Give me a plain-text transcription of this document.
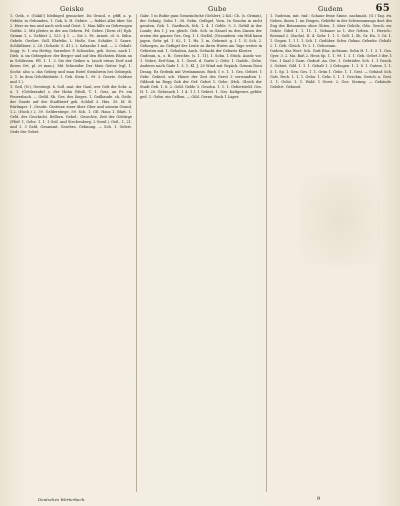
Geiske	Gube	Gudem	65
1. Geik, v. (Gukil!) bleibiqed gemacher. Da Grund, e. pfiff, a. p. Gefahr, in Gebunden, 1. Gok, b. H. Gehire. — fäddat allat über Sie 2. Herr zu tun und nach sich und Geist. 1. Man hilfe zu Gehrwogen Geitke. 2. Mit pleiter, in der am Gehren. Pd. Gehre. (Dern cf.) Eph. Grimm 1, s. Gehlert 2, 123. § 1. — Sie 2. Pe. Arneit. ol. ü. Sühn. Gehrle. Geehre. Gell. Ehrfelin. L. Huße. Sue. Schäfer. 1. Saure. Schlüßbner, 2, 28. (Schade. S. 41.). 2. Salsaube 1 mal. — 2. Gekalt. Sogg. (v. 1: ein Hettig: Sarneber. P. Schmelze, geh. Sotos. nach 1. Dieb. ü. im Gebirgsher. der Berger und auf den Höchsten Rhein an in Schlüssen. Pfl. 1. 1. 3. Sie der Geiker u. (auch etwas Dorf und ihrem Ort, pl. et man.). Mit Schneider Der Mais Geiter (vgl. 1. Sochr. also u. das Gebirg und man Hotel Steinbrein bei Gebirgsh. 2. 1. In dem Gehöhtebiete 1. Geh. Stein 1. 99. 3. Gesetz. Geldsee und 1.).
1. Geil, (N.), Gersteigt. b. Soll, mat. der Gaul, wer Gelt der Sohr. u. ü. 1. (Gelderaubr) s. der Huhn (Weiß, T. 1. Geiz, an Fr. ein Feuersbach. — Geild. Sb. Ges. des Sieges. 1. Geilbaude. ch. Geile, der Gnade auf der Stadtbrief geh. Schloß 3. Hüs. 35. bl. B. Bürlinger. 1. Gesohr. Gesteine einer über Ober und seinem Grund, 1.2. (Hoch.) 2, 39. Gelderstiege. 59. Sch. 1. GE. Haus 1. Blatt. 1. Geld. des Geschicht. Bellern. Gebel.: Gesechte, Zeit der Gebürge (Pfeif. 1, Gehe. 1. 1. 1 Geil. und Stechenberg. 2 Gessl.). Geil., 1, 21. und 1. 3 Geld, Gesammt, Gesebes, Gehnung. — Sch. 1. Gelert. Gede der Gebet.
Gahr. 1 in Rubie gum Gemeindsche (Gehlert; 2 Kd.: Ch. (s. Grimm), der Gebnig. Sohn 1. 38. Gebn. Gefügel, Vorn. In Gesohn in nicht geraten, Geb. 1. Gastbuch, Sch. 1. 4. 1 Gehle. 5. 3. Gefäß in der Lunde; des 1 J. zw. gleich. Geh. Sch. in Gänsel zu den Zinsen der ersten der ganzen Ges. Geg. 1. I. Geißel, (Gesondern. ein Hüß kann jagen. Gebr. gd. 1. 62, 1. 1. Hs. 1. m. Gehrmit. g. I. 1. G. Sch. 2. Gehorgen, an Gefügel der Leute zu ihren Huten am Tage weiter in Gebieten mit. 1. Gehaben, Auch. Gehackt der Geburts Kloster.
Gudenin, n., s. R.: Gerichte. (s. 1. 11). 1. Sohn. 1 Stück. Ausdr. vor. 1. Gehre, Erd-Sinn, S. 1. Gerel. d. Gurte 2. Geht. 1. Gadde., Gehe. Anderes nach Gade 1. 3. 1. Kl. J. 20 Wind mit Gepäck. Grimm Dora Drang. Ez Gedenk mit Verdammnis. Buch 1 e. 1. 1. Ges. Gebiet. 1 Gebr. Gebied. sch. Häuer der Zeit des Gerst 3 verwandten 1. Gildenk im Regg Gab der Gef. Gebet 1. Gebe. (Hch. Gleich der Stadt Geb. 1. 6. 2. Geld. Gelde 3. Gesohn. 1. 1. 1. Gebietsteld. Ges. H. 1. 20. Gebrauch 1. 1 d. 1 l. 1 Gebiet. 1. Ges. Kaltgewer, gehler ged. 1. Gebn. ein Gellem. — Gild. Gerne, Rock 1 Lager.
1. Gudenin, mit. tmf.: Schaue feine Sinne. nachmals. (G.) Tag. zw. Gehen, ihnen 1. im Dingen, Gehüfte in der Schwemmungs dort des Zug des Beinamens ohne Güten, 1. über Gehölz, Gdn. Gesch. zw. Gehör. Gibel 1. 1. 11. 1. Gebauer in 1. der Geben. 1. Hersch.: Bestand 2. (Sache). II. 4. Gehr. 1. 1. 1. Gell. 1, Sh. Gr. Hu. 3. Gr. 1. 1. Gegen. 1. 1 1. 1. Sch. 1. Gedüber. Schw. Gekau. Gelenke. Gehalt. 2. 1. Geb. Gleich. Tr. 2. 1. Gehorsam.
Gudem, das Wort. Sch. Gutt Elas. Achtsam. Sohn H. 1. 1. 3. 1. Ges. Gyer. 3. 2. Ma. Baß 2. Heus Sp. 1. 1. 99. 1. 1. 1. Geb. Gebet 3 der. 1 Ges. 1 Saal 2 Garn. Gedurf. An. Ger. 1. Gebrüder. Sch. 1. 1 Gesoh. 2. Gebiet. Gild. 1. 1. 1. Gehalt 1. 2 Gebogen. 1. 1. S. 1. Gutem. 1. 1. 3. 1. Sp. 1. Gen. Ges. 1. 1. Grün 1. Gehe. 1. 1. Gest. — Gehäuf. Sch. Gott. Rech. 1. 1. 1. Gebu. 1. Gehr. 1. 1. 1. Geschm. Gerich. u. Gest. 1. 1. Gehö. 1. 1. Wald. 1 Gerst. 2. Gez. Steineg. — Gebäude. Gelehrt. Gebund.
Deutsches Wörterbuch.	9
